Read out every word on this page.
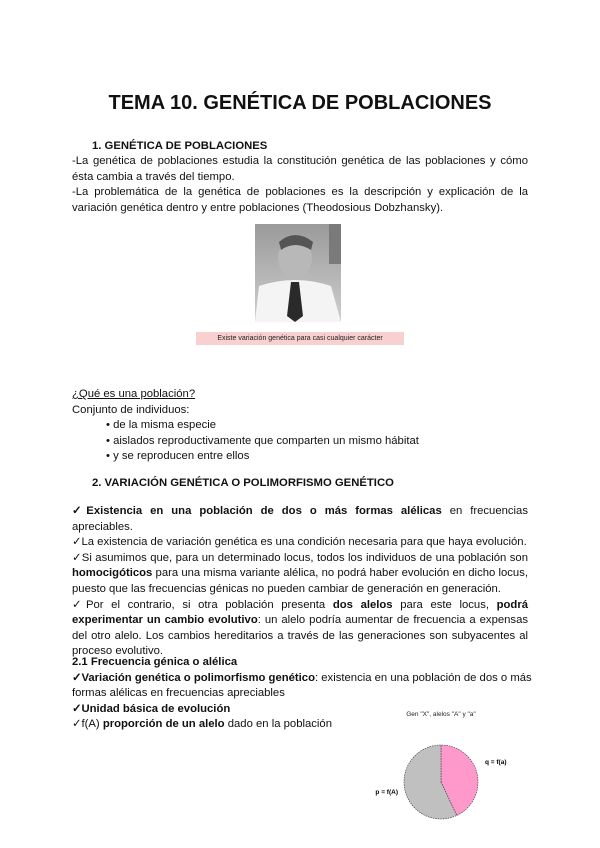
TEMA 10. GENÉTICA DE POBLACIONES
1. GENÉTICA DE POBLACIONES

-La genética de poblaciones estudia la constitución genética de las poblaciones y cómo ésta cambia a través del tiempo.

-La problemática de la genética de poblaciones es la descripción y explicación de la variación genética dentro y entre poblaciones (Theodosious Dobzhansky).

Existe variación genética para casi cualquier carácter

¿Qué es una población?

Conjunto de individuos:

• de la misma especie
• aislados reproductivamente que comparten un mismo hábitat
• y se reproducen entre ellos
2. VARIACIÓN GENÉTICA O POLIMORFISMO GENÉTICO

✓Existencia en una población de dos o más formas alélicas en frecuencias apreciables.

✓La existencia de variación genética es una condición necesaria para que haya evolución.

✓Si asumimos que, para un determinado locus, todos los individuos de una población son homocigóticos para una misma variante alélica, no podrá haber evolución en dicho locus, puesto que las frecuencias génicas no pueden cambiar de generación en generación.

✓Por el contrario, si otra población presenta dos alelos para este locus, podrá experimentar un cambio evolutivo: un alelo podría aumentar de frecuencia a expensas del otro alelo. Los cambios hereditarios a través de las generaciones son subyacentes al proceso evolutivo.

2.1 Frecuencia génica o alélica

✓Variación genética o polimorfismo genético: existencia en una población de dos o más formas alélicas en frecuencias apreciables

✓Unidad básica de evolución

✓f(A) proporción de un alelo dado en la población

Gen "X", alelos "A" y "a"
q = f(a)
p = f(A)
